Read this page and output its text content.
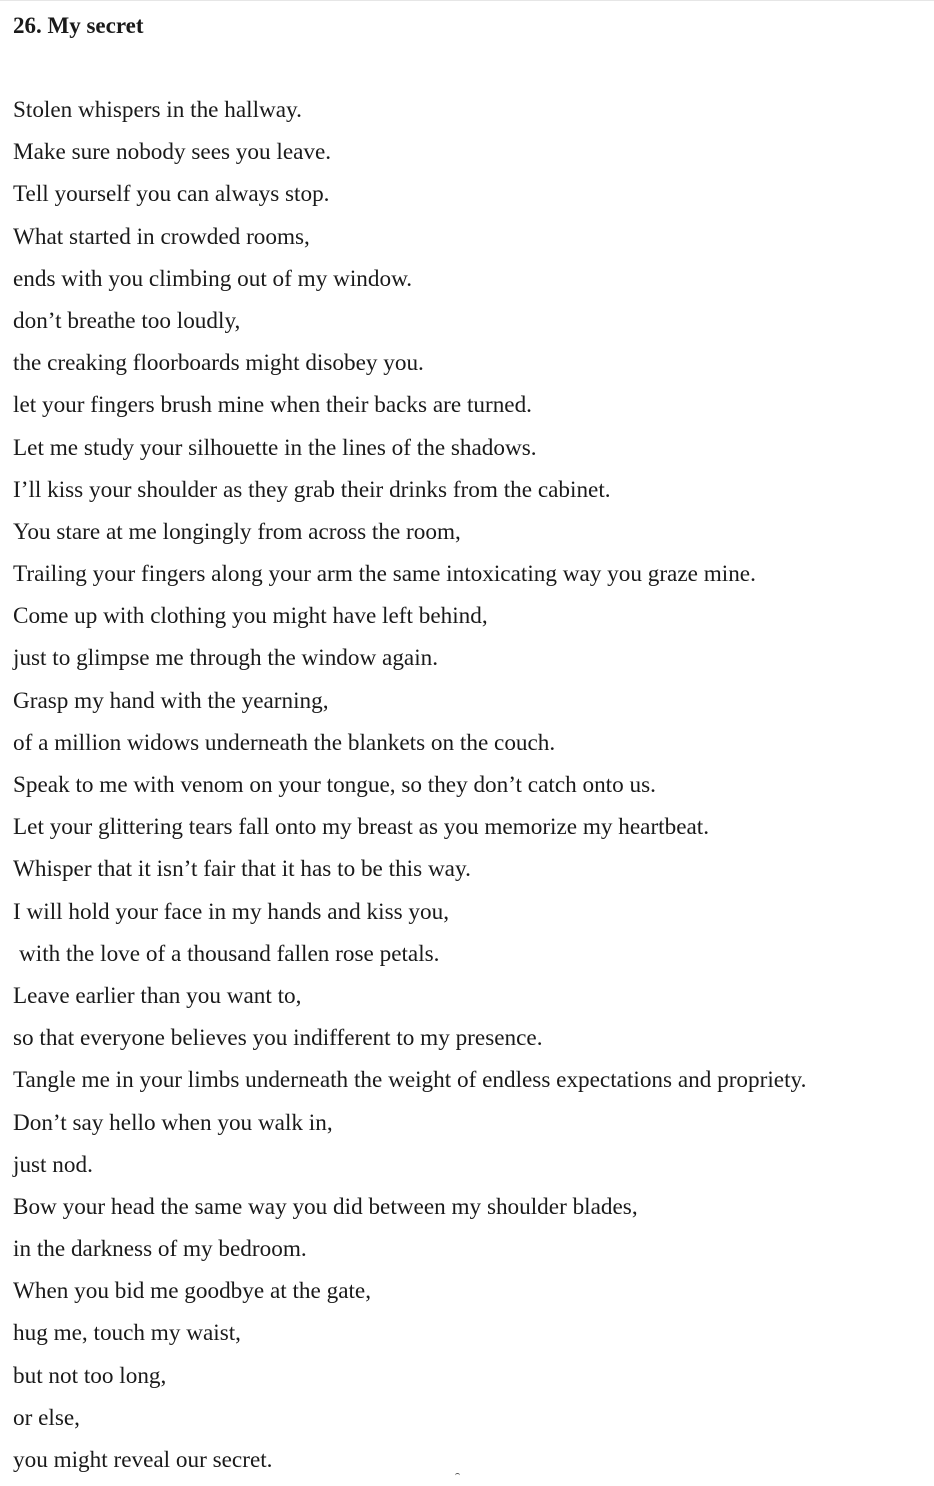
26. My secret
Stolen whispers in the hallway.
Make sure nobody sees you leave.
Tell yourself you can always stop.
What started in crowded rooms,
ends with you climbing out of my window.
don’t breathe too loudly,
the creaking floorboards might disobey you.
let your fingers brush mine when their backs are turned.
Let me study your silhouette in the lines of the shadows.
I’ll kiss your shoulder as they grab their drinks from the cabinet.
You stare at me longingly from across the room,
Trailing your fingers along your arm the same intoxicating way you graze mine.
Come up with clothing you might have left behind,
just to glimpse me through the window again.
Grasp my hand with the yearning,
of a million widows underneath the blankets on the couch.
Speak to me with venom on your tongue, so they don’t catch onto us.
Let your glittering tears fall onto my breast as you memorize my heartbeat.
Whisper that it isn’t fair that it has to be this way.
I will hold your face in my hands and kiss you,
with the love of a thousand fallen rose petals.
Leave earlier than you want to,
so that everyone believes you indifferent to my presence.
Tangle me in your limbs underneath the weight of endless expectations and propriety.
Don’t say hello when you walk in,
just nod.
Bow your head the same way you did between my shoulder blades,
in the darkness of my bedroom.
When you bid me goodbye at the gate,
hug me, touch my waist,
but not too long,
or else,
you might reveal our secret.
